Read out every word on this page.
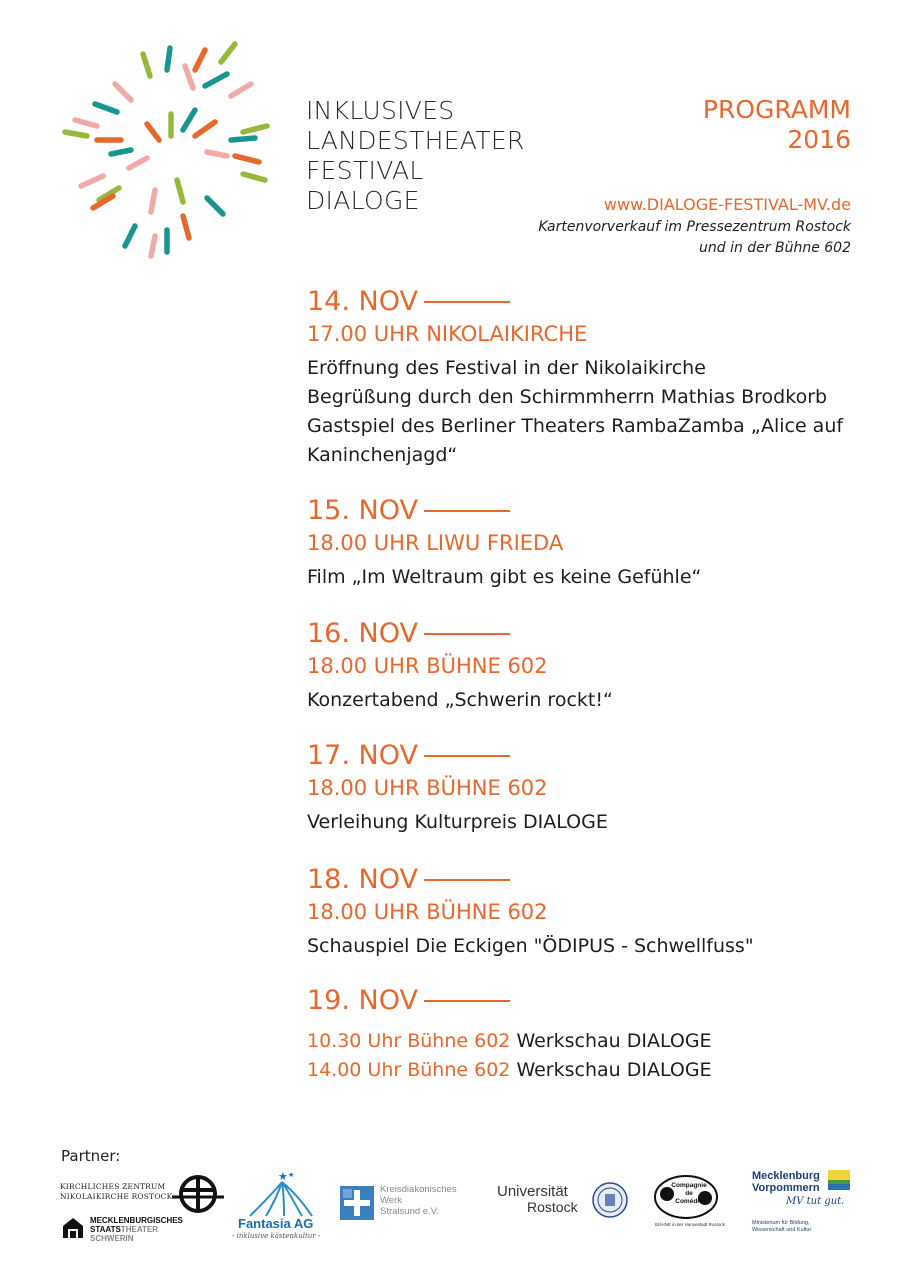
INKLUSIVES
LANDESTHEATER
FESTIVAL
DIALOGE
PROGRAMM
2016
www.DIALOGE-FESTIVAL-MV.de
Kartenvorverkauf im Pressezentrum Rostock
und in der Bühne 602
14. NOV
17.00 UHR NIKOLAIKIRCHE
Eröffnung des Festival in der Nikolaikirche
Begrüßung durch den Schirmmherrn Mathias Brodkorb
Gastspiel des Berliner Theaters RambaZamba „Alice auf
Kaninchenjagd“
15. NOV
18.00 UHR LIWU FRIEDA
Film „Im Weltraum gibt es keine Gefühle“
16. NOV
18.00 UHR BÜHNE 602
Konzertabend „Schwerin rockt!“
17. NOV
18.00 UHR BÜHNE 602
Verleihung Kulturpreis DIALOGE
18. NOV
18.00 UHR BÜHNE 602
Schauspiel Die Eckigen "ÖDIPUS - Schwellfuss"
19. NOV
10.30 Uhr Bühne 602 Werkschau DIALOGE
14.00 Uhr Bühne 602 Werkschau DIALOGE
Partner:
KIRCHLICHES ZENTRUM
NIKOLAIKIRCHE ROSTOCK
MECKLENBURGISCHES
STAATSTHEATER
SCHWERIN
★ ★
Fantasia AG
- inklusive kästenkultur -
Kreisdiakonisches
Werk
Stralsund e.V.
Universität
Rostock
Compagnie
de
Comédie
BÜHNE in der Hansestadt Rostock
Mecklenburg
Vorpommern
MV tut gut.
Ministerium für Bildung,
Wissenschaft und Kultur
